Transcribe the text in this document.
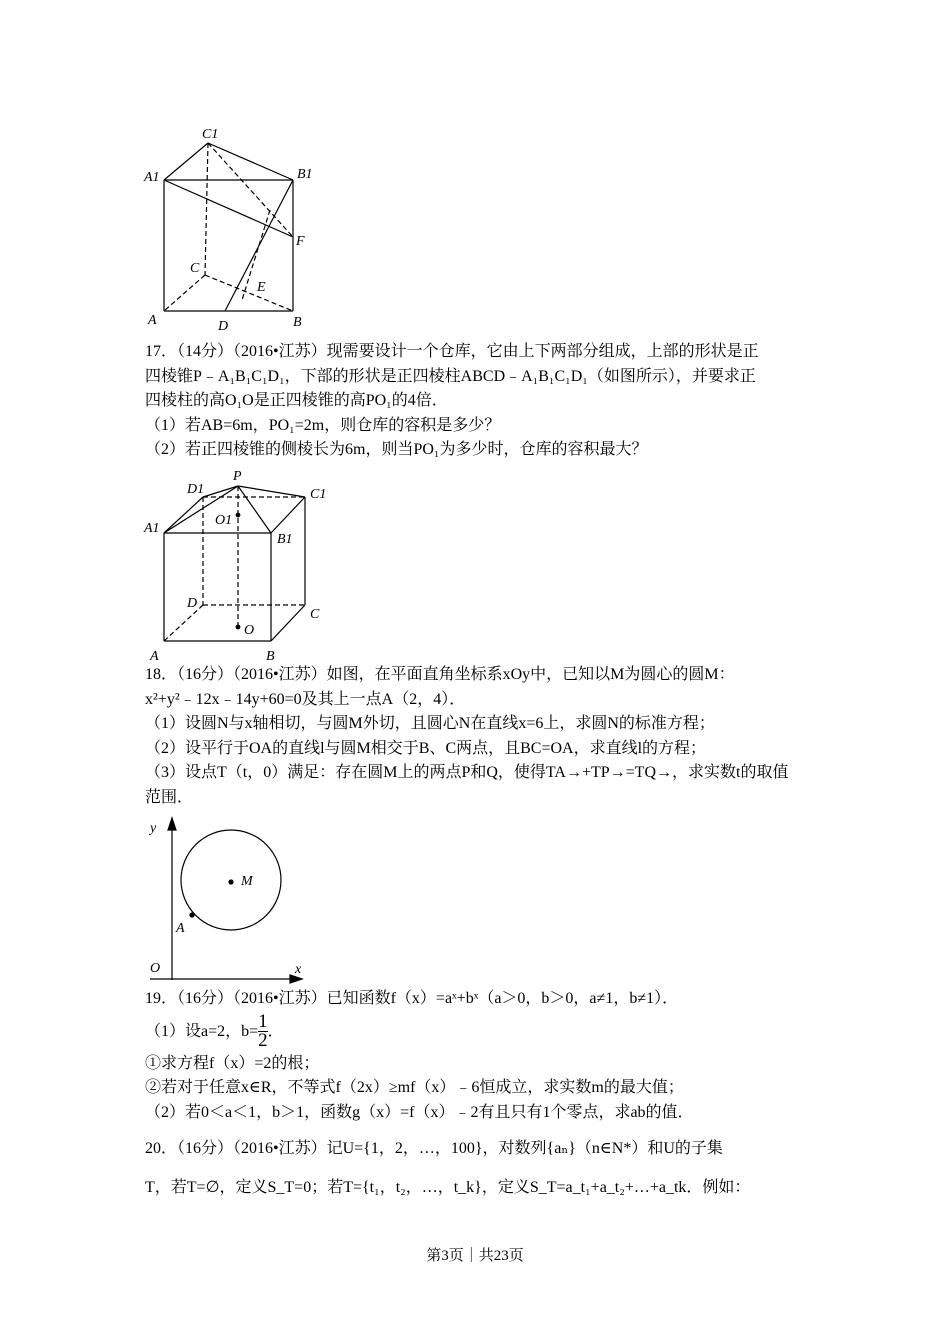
C1
A1	B1
F
C
E
A	D	B
P
D1	C1
A1
O1
B1
D
C
O
A	B
y
M
A
O	x
17．（14分）（2016•江苏）现需要设计一个仓库，它由上下两部分组成，上部的形状是正
四棱锥P﹣A₁B₁C₁D₁，下部的形状是正四棱柱ABCD﹣A₁B₁C₁D₁（如图所示），并要求正
四棱柱的高O₁O是正四棱锥的高PO₁的4倍．
（1）若AB=6m，PO₁=2m，则仓库的容积是多少？
（2）若正四棱锥的侧棱长为6m，则当PO₁为多少时，仓库的容积最大？
18．（16分）（2016•江苏）如图，在平面直角坐标系xOy中，已知以M为圆心的圆M：
x²+y²﹣12x﹣14y+60=0及其上一点A（2，4）．
（1）设圆N与x轴相切，与圆M外切，且圆心N在直线x=6上，求圆N的标准方程；
（2）设平行于OA的直线l与圆M相交于B、C两点，且BC=OA，求直线l的方程；
（3）设点T（t，0）满足：存在圆M上的两点P和Q，使得TA→+TP→=TQ→，求实数t的取值
范围．
19．（16分）（2016•江苏）已知函数f（x）=aˣ+bˣ（a＞0，b＞0，a≠1，b≠1）．
（1）设a=2，$b= \frac{1}{2}$ ．
①求方程f（x）=2的根；
②若对于任意x∈R，不等式f（2x）≥mf（x）﹣6恒成立，求实数m的最大值；
（2）若0＜a＜1，b＞1，函数g（x）=f（x）﹣2有且只有1个零点，求ab的值．
20．（16分）（2016•江苏）记U={1，2，…，100}，对数列{aₙ}（n∈N*）和U的子集
T，若T=∅，定义S_T=0；若T={t₁，t₂，…，t_k}，定义S_T=a_t₁+a_t₂+…+a_tk．例如：
第3页｜共23页
